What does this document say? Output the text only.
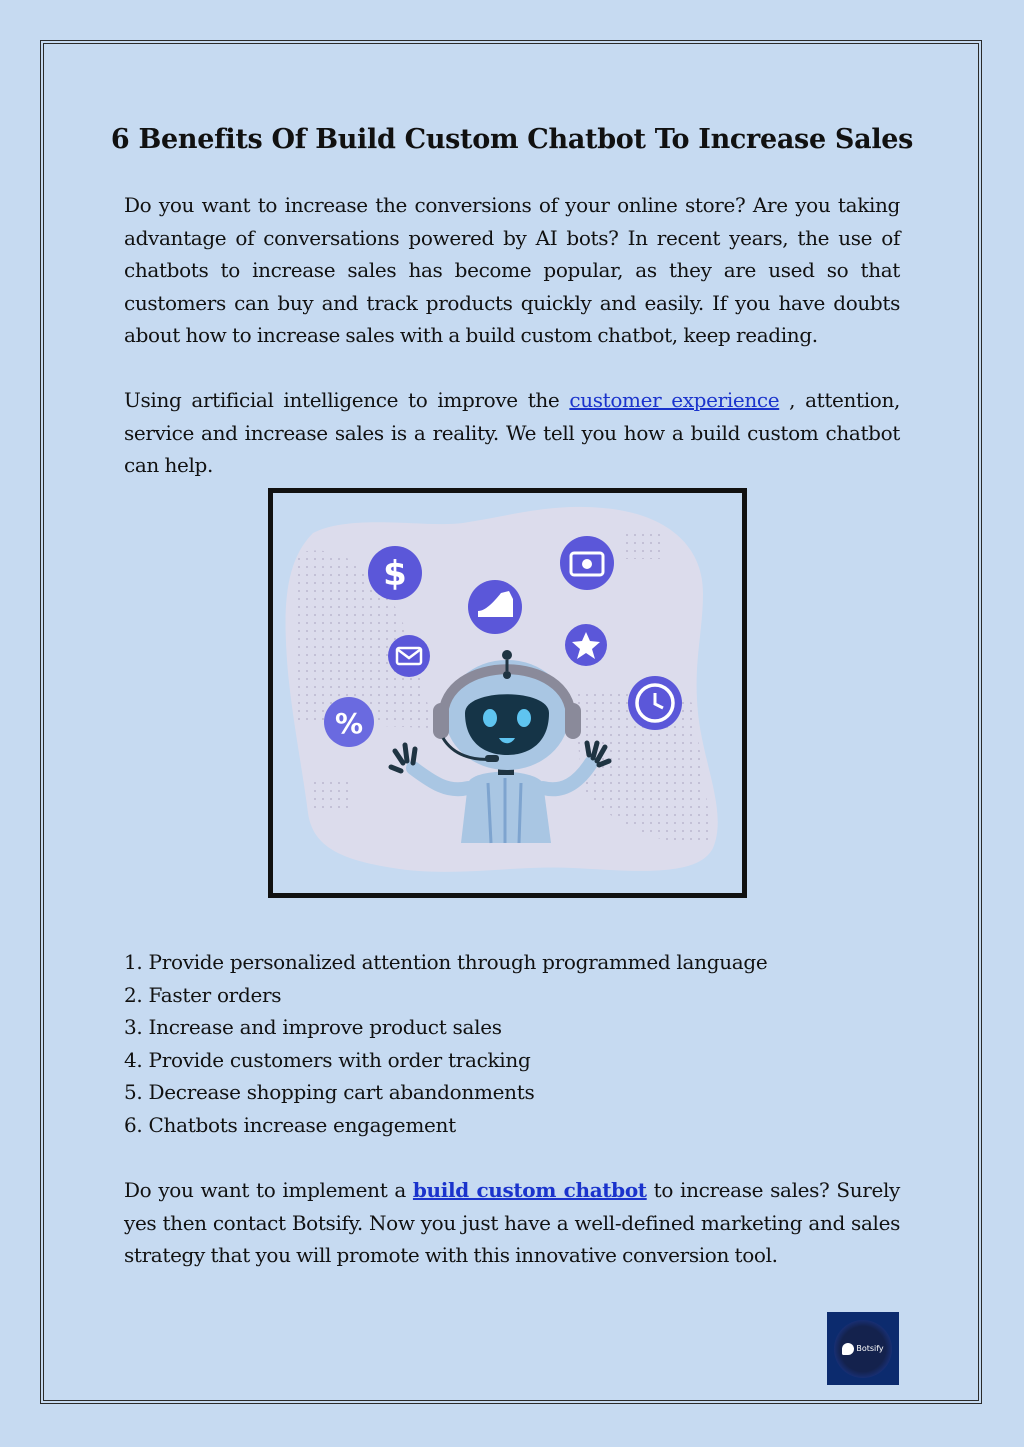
6 Benefits Of Build Custom Chatbot To Increase Sales

Do you want to increase the conversions of your online store? Are you taking advantage of conversations powered by AI bots? In recent years, the use of chatbots to increase sales has become popular, as they are used so that customers can buy and track products quickly and easily. If you have doubts about how to increase sales with a build custom chatbot, keep reading.

Using artificial intelligence to improve the customer experience , attention, service and increase sales is a reality. We tell you how a build custom chatbot can help.

$
%
1. Provide personalized attention through programmed language
2. Faster orders
3. Increase and improve product sales
4. Provide customers with order tracking
5. Decrease shopping cart abandonments
6. Chatbots increase engagement

Do you want to implement a build custom chatbot to increase sales? Surely yes then contact Botsify. Now you just have a well-defined marketing and sales strategy that you will promote with this innovative conversion tool.

Botsify
